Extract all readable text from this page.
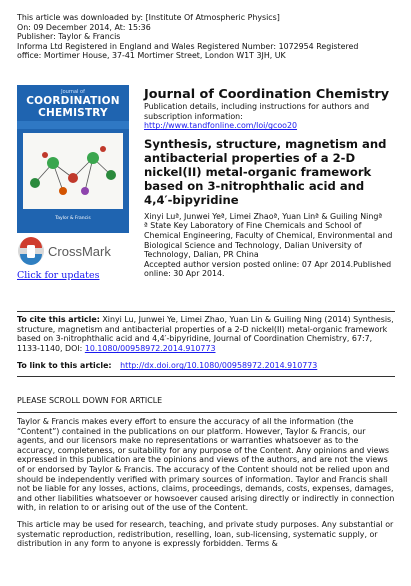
This article was downloaded by: [Institute Of Atmospheric Physics]
On: 09 December 2014, At: 15:36
Publisher: Taylor & Francis
Informa Ltd Registered in England and Wales Registered Number: 1072954 Registered
office: Mortimer House, 37-41 Mortimer Street, London W1T 3JH, UK
Journal of
COORDINATION
CHEMISTRY
Taylor & Francis
CrossMark
Click for updates
Journal of Coordination Chemistry
Publication details, including instructions for authors and subscription information:
http://www.tandfonline.com/loi/gcoo20
Synthesis, structure, magnetism and antibacterial properties of a 2-D nickel(II) metal-organic framework based on 3-nitrophthalic acid and 4,4′-bipyridine
Xinyi Luª, Junwei Yeª, Limei Zhaoª, Yuan Linª & Guiling Ningª
ª State Key Laboratory of Fine Chemicals and School of Chemical Engineering, Faculty of Chemical, Environmental and Biological Science and Technology, Dalian University of Technology, Dalian, PR China
Accepted author version posted online: 07 Apr 2014.Published online: 30 Apr 2014.
To cite this article: Xinyi Lu, Junwei Ye, Limei Zhao, Yuan Lin & Guiling Ning (2014) Synthesis, structure, magnetism and antibacterial properties of a 2-D nickel(II) metal-organic framework based on 3-nitrophthalic acid and 4,4′-bipyridine, Journal of Coordination Chemistry, 67:7, 1133-1140, DOI: 10.1080/00958972.2014.910773
To link to this article: http://dx.doi.org/10.1080/00958972.2014.910773
PLEASE SCROLL DOWN FOR ARTICLE

Taylor & Francis makes every effort to ensure the accuracy of all the information (the “Content”) contained in the publications on our platform. However, Taylor & Francis, our agents, and our licensors make no representations or warranties whatsoever as to the accuracy, completeness, or suitability for any purpose of the Content. Any opinions and views expressed in this publication are the opinions and views of the authors, and are not the views of or endorsed by Taylor & Francis. The accuracy of the Content should not be relied upon and should be independently verified with primary sources of information. Taylor and Francis shall not be liable for any losses, actions, claims, proceedings, demands, costs, expenses, damages, and other liabilities whatsoever or howsoever caused arising directly or indirectly in connection with, in relation to or arising out of the use of the Content.

This article may be used for research, teaching, and private study purposes. Any substantial or systematic reproduction, redistribution, reselling, loan, sub-licensing, systematic supply, or distribution in any form to anyone is expressly forbidden. Terms &
